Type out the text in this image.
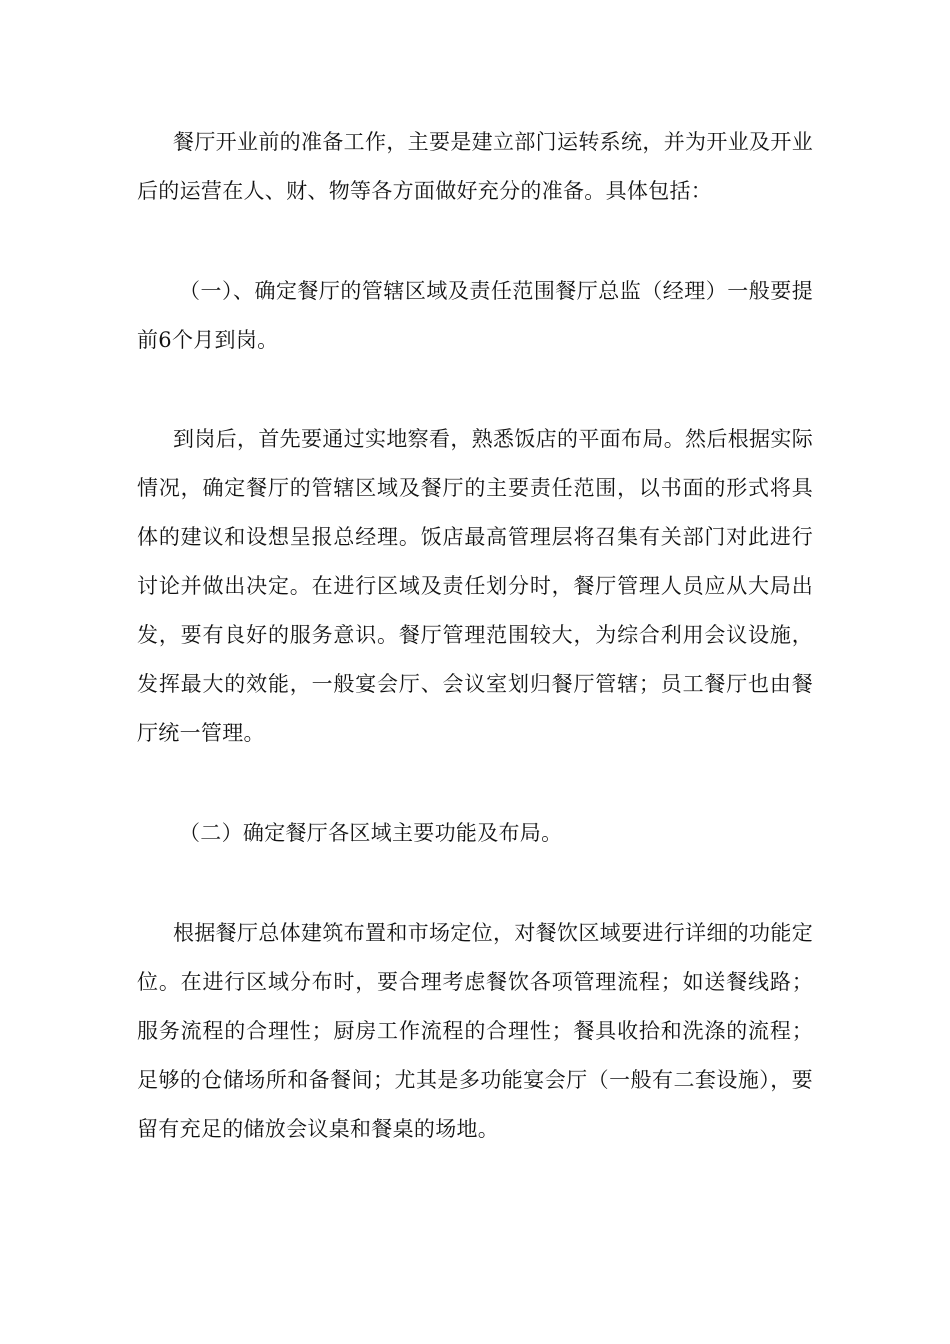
餐厅开业前的准备工作，主要是建立部门运转系统，并为开业及开业后的运营在人、财、物等各方面做好充分的准备。具体包括：

（一）、确定餐厅的管辖区域及责任范围餐厅总监（经理）一般要提前6个月到岗。

到岗后，首先要通过实地察看，熟悉饭店的平面布局。然后根据实际情况，确定餐厅的管辖区域及餐厅的主要责任范围，以书面的形式将具体的建议和设想呈报总经理。饭店最高管理层将召集有关部门对此进行讨论并做出决定。在进行区域及责任划分时，餐厅管理人员应从大局出发，要有良好的服务意识。餐厅管理范围较大，为综合利用会议设施，发挥最大的效能，一般宴会厅、会议室划归餐厅管辖；员工餐厅也由餐厅统一管理。

（二）确定餐厅各区域主要功能及布局。

根据餐厅总体建筑布置和市场定位，对餐饮区域要进行详细的功能定位。在进行区域分布时，要合理考虑餐饮各项管理流程；如送餐线路；服务流程的合理性；厨房工作流程的合理性；餐具收拾和洗涤的流程；足够的仓储场所和备餐间；尤其是多功能宴会厅（一般有二套设施），要留有充足的储放会议桌和餐桌的场地。
